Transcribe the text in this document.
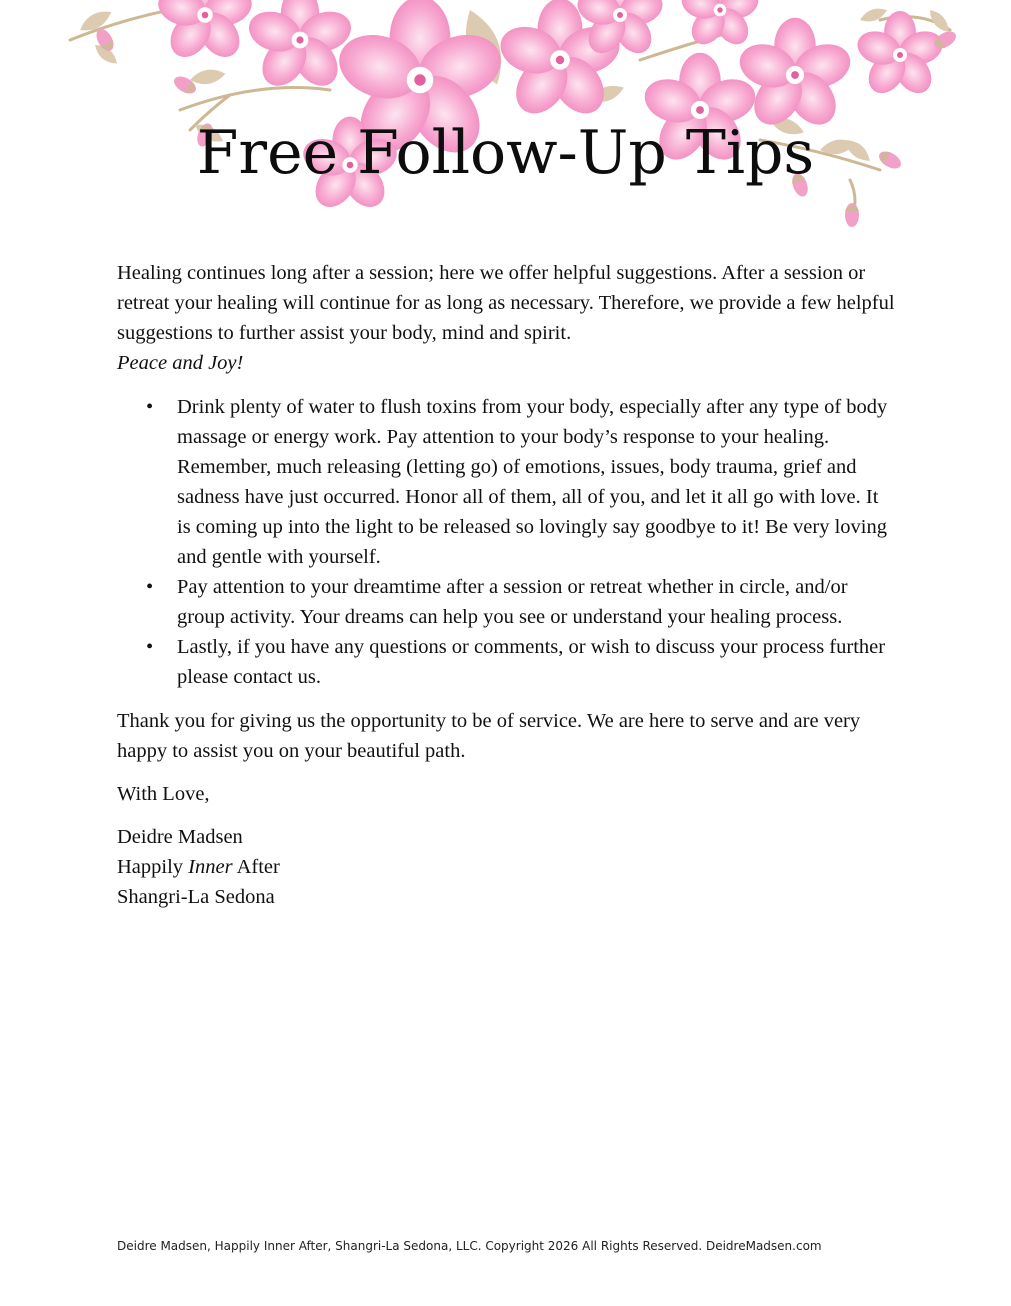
Free Follow-Up Tips

Healing continues long after a session; here we offer helpful suggestions. After a session or retreat your healing will continue for as long as necessary. Therefore, we provide a few helpful suggestions to further assist your body, mind and spirit.
Peace and Joy!

• Drink plenty of water to flush toxins from your body, especially after any type of body massage or energy work. Pay attention to your body’s response to your healing. Remember, much releasing (letting go) of emotions, issues, body trauma, grief and sadness have just occurred. Honor all of them, all of you, and let it all go with love. It is coming up into the light to be released so lovingly say goodbye to it! Be very loving and gentle with yourself.
• Pay attention to your dreamtime after a session or retreat whether in circle, and/or group activity. Your dreams can help you see or understand your healing process.
• Lastly, if you have any questions or comments, or wish to discuss your process further please contact us.

Thank you for giving us the opportunity to be of service. We are here to serve and are very happy to assist you on your beautiful path.

With Love,

Deidre Madsen
Happily Inner After
Shangri-La Sedona

Deidre Madsen, Happily Inner After, Shangri-La Sedona, LLC. Copyright 2026 All Rights Reserved. DeidreMadsen.com
